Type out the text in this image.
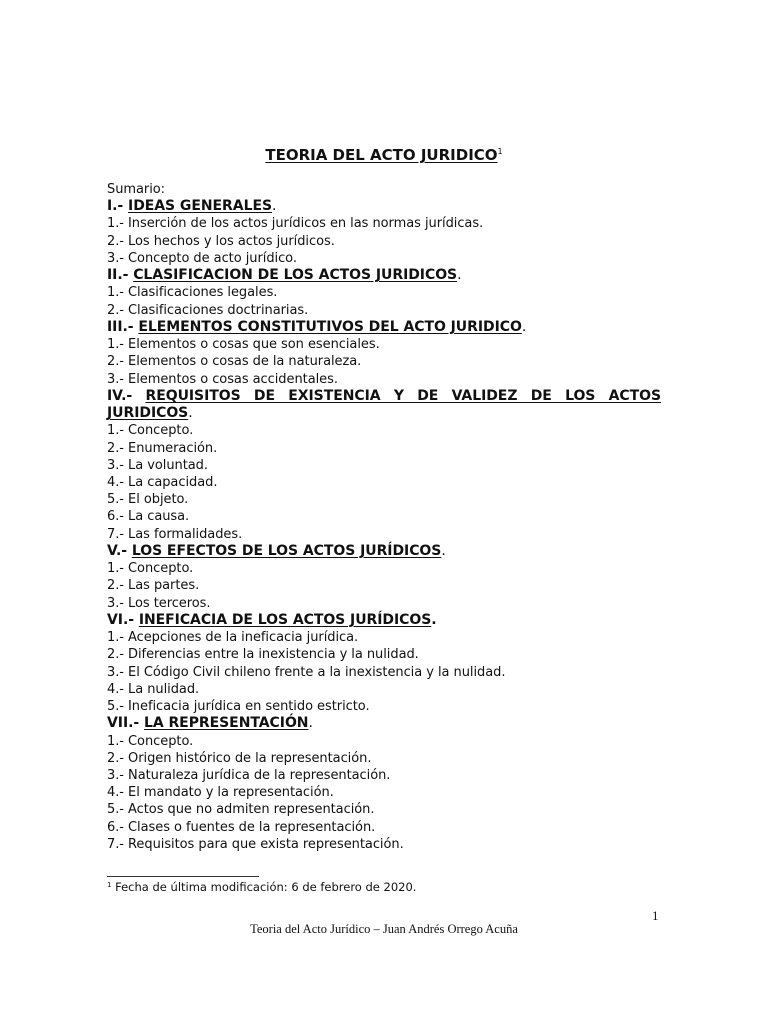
TEORIA DEL ACTO JURIDICO$^1$
Sumario:
I.- IDEAS GENERALES.
1.- Inserción de los actos jurídicos en las normas jurídicas.
2.- Los hechos y los actos jurídicos.
3.- Concepto de acto jurídico.
II.- CLASIFICACION DE LOS ACTOS JURIDICOS.
1.- Clasificaciones legales.
2.- Clasificaciones doctrinarias.
III.- ELEMENTOS CONSTITUTIVOS DEL ACTO JURIDICO.
1.- Elementos o cosas que son esenciales.
2.- Elementos o cosas de la naturaleza.
3.- Elementos o cosas accidentales.
IV.- REQUISITOS DE EXISTENCIA Y DE VALIDEZ DE LOS ACTOS JURIDICOS.
1.- Concepto.
2.- Enumeración.
3.- La voluntad.
4.- La capacidad.
5.- El objeto.
6.- La causa.
7.- Las formalidades.
V.- LOS EFECTOS DE LOS ACTOS JURÍDICOS.
1.- Concepto.
2.- Las partes.
3.- Los terceros.
VI.- INEFICACIA DE LOS ACTOS JURÍDICOS.
1.- Acepciones de la ineficacia jurídica.
2.- Diferencias entre la inexistencia y la nulidad.
3.- El Código Civil chileno frente a la inexistencia y la nulidad.
4.- La nulidad.
5.- Ineficacia jurídica en sentido estricto.
VII.- LA REPRESENTACIÓN.
1.- Concepto.
2.- Origen histórico de la representación.
3.- Naturaleza jurídica de la representación.
4.- El mandato y la representación.
5.- Actos que no admiten representación.
6.- Clases o fuentes de la representación.
7.- Requisitos para que exista representación.
$^1$ Fecha de última modificación: 6 de febrero de 2020.
1
Teoria del Acto Jurídico – Juan Andrés Orrego Acuña
